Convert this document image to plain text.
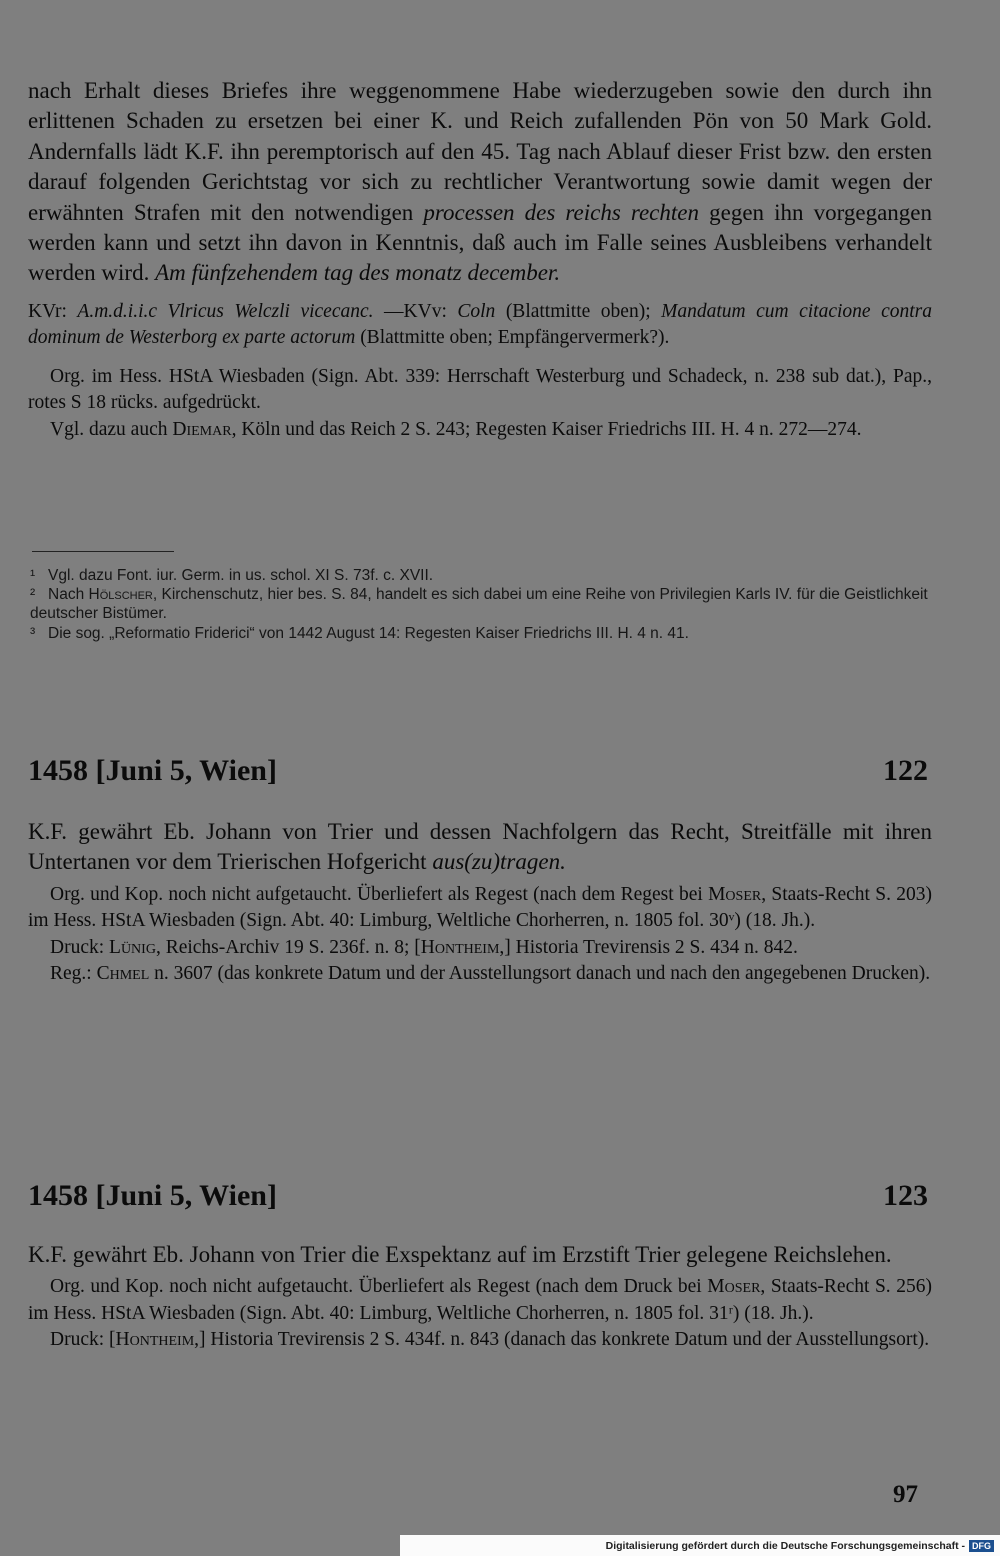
nach Erhalt dieses Briefes ihre weggenommene Habe wiederzugeben sowie den durch ihn erlittenen Schaden zu ersetzen bei einer K. und Reich zufallenden Pön von 50 Mark Gold. Andernfalls lädt K.F. ihn peremptorisch auf den 45. Tag nach Ablauf dieser Frist bzw. den ersten darauf folgenden Gerichtstag vor sich zu rechtlicher Verantwortung sowie damit wegen der erwähnten Strafen mit den notwendigen processen des reichs rechten gegen ihn vorgegangen werden kann und setzt ihn davon in Kenntnis, daß auch im Falle seines Ausbleibens verhandelt werden wird. Am fünfzehendem tag des monatz december.

KVr: A.m.d.i.i.c Vlricus Welczli vicecanc. —KVv: Coln (Blattmitte oben); Mandatum cum citacione contra dominum de Westerborg ex parte actorum (Blattmitte oben; Empfängervermerk?).

Org. im Hess. HStA Wiesbaden (Sign. Abt. 339: Herrschaft Westerburg und Schadeck, n. 238 sub dat.), Pap., rotes S 18 rücks. aufgedrückt.

Vgl. dazu auch Diemar, Köln und das Reich 2 S. 243; Regesten Kaiser Friedrichs III. H. 4 n. 272—274.

¹ Vgl. dazu Font. iur. Germ. in us. schol. XI S. 73f. c. XVII.

² Nach Hölscher, Kirchenschutz, hier bes. S. 84, handelt es sich dabei um eine Reihe von Privilegien Karls IV. für die Geistlichkeit deutscher Bistümer.

³ Die sog. „Reformatio Friderici“ von 1442 August 14: Regesten Kaiser Friedrichs III. H. 4 n. 41.

1458 [Juni 5, Wien]	122

K.F. gewährt Eb. Johann von Trier und dessen Nachfolgern das Recht, Streitfälle mit ihren Untertanen vor dem Trierischen Hofgericht aus(zu)tragen.

Org. und Kop. noch nicht aufgetaucht. Überliefert als Regest (nach dem Regest bei Moser, Staats-Recht S. 203) im Hess. HStA Wiesbaden (Sign. Abt. 40: Limburg, Weltliche Chorherren, n. 1805 fol. 30ᵛ) (18. Jh.).

Druck: Lünig, Reichs-Archiv 19 S. 236f. n. 8; [Hontheim,] Historia Trevirensis 2 S. 434 n. 842.

Reg.: Chmel n. 3607 (das konkrete Datum und der Ausstellungsort danach und nach den angegebenen Drucken).

1458 [Juni 5, Wien]	123

K.F. gewährt Eb. Johann von Trier die Exspektanz auf im Erzstift Trier gelegene Reichslehen.

Org. und Kop. noch nicht aufgetaucht. Überliefert als Regest (nach dem Druck bei Moser, Staats-Recht S. 256) im Hess. HStA Wiesbaden (Sign. Abt. 40: Limburg, Weltliche Chorherren, n. 1805 fol. 31ʳ) (18. Jh.).

Druck: [Hontheim,] Historia Trevirensis 2 S. 434f. n. 843 (danach das konkrete Datum und der Ausstellungsort).

97
Digitalisierung gefördert durch die Deutsche Forschungsgemeinschaft - DFG
